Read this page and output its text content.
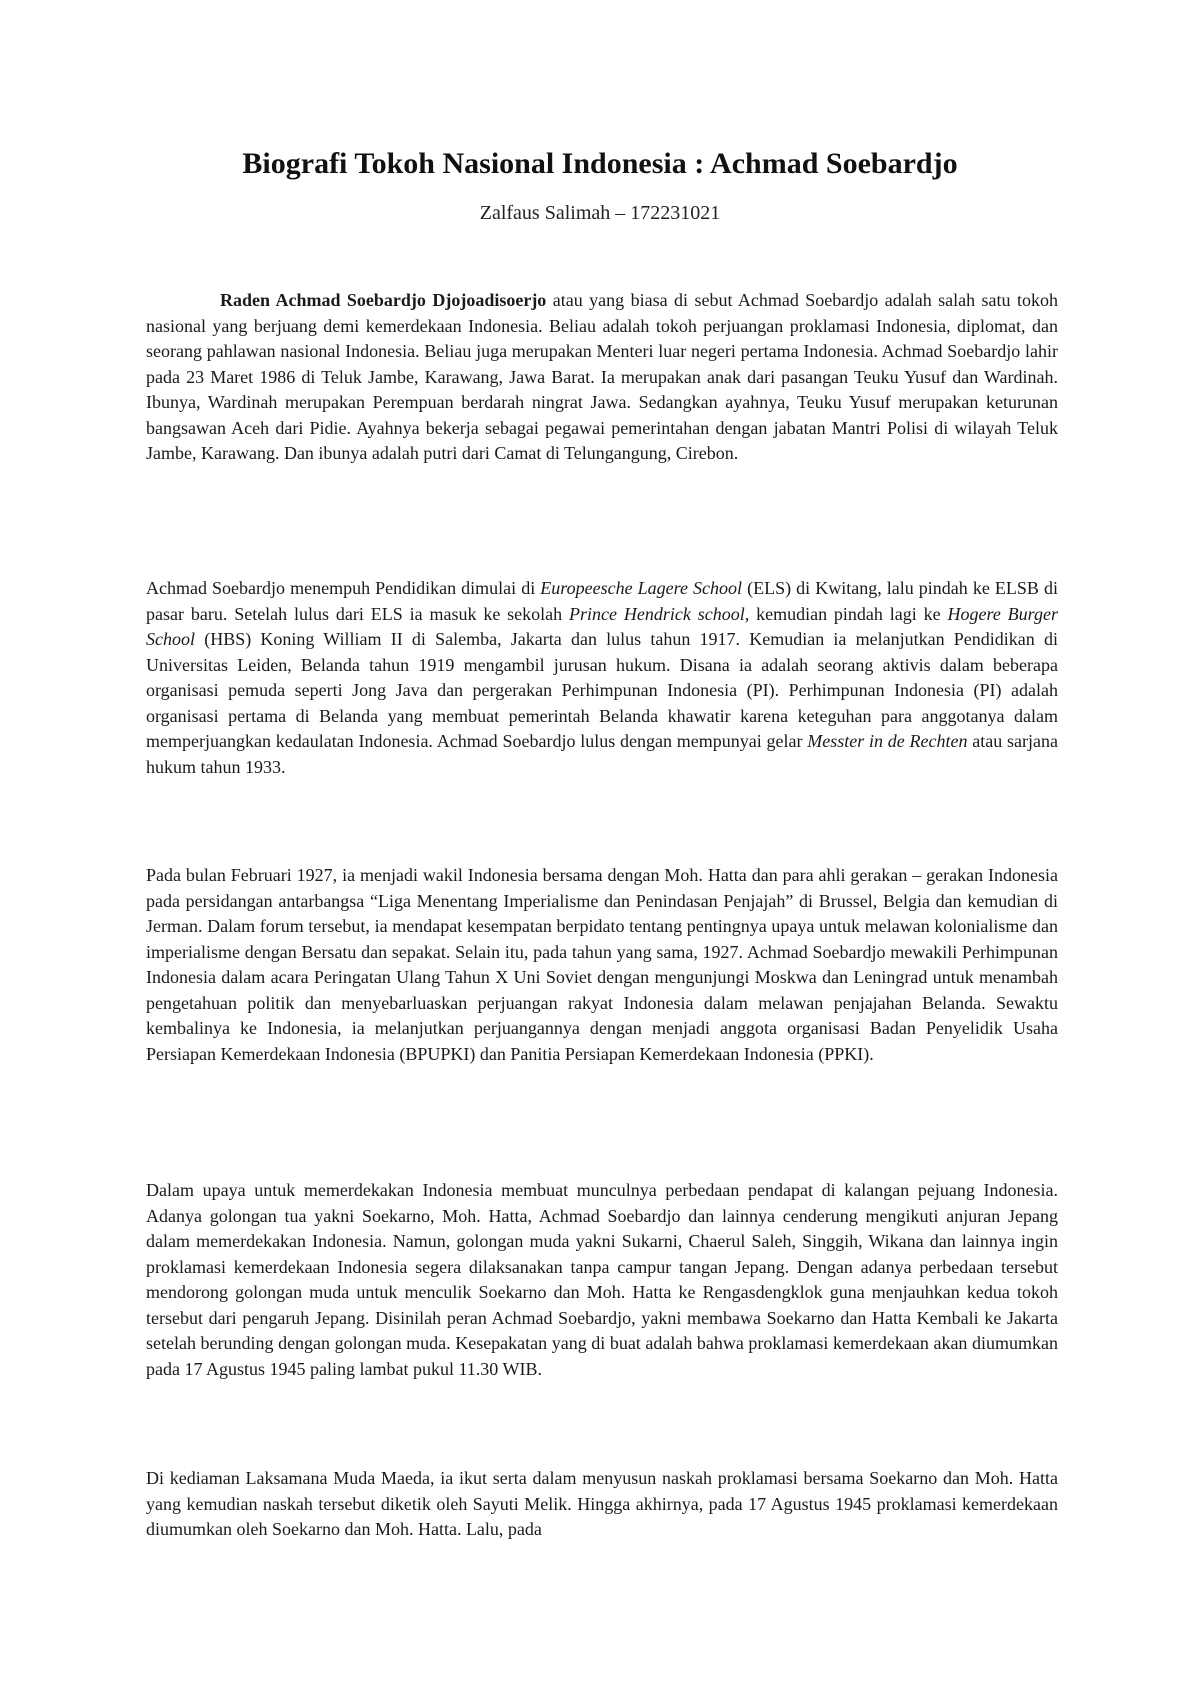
Biografi Tokoh Nasional Indonesia : Achmad Soebardjo

Zalfaus Salimah – 172231021

Raden Achmad Soebardjo Djojoadisoerjo atau yang biasa di sebut Achmad Soebardjo adalah salah satu tokoh nasional yang berjuang demi kemerdekaan Indonesia. Beliau adalah tokoh perjuangan proklamasi Indonesia, diplomat, dan seorang pahlawan nasional Indonesia. Beliau juga merupakan Menteri luar negeri pertama Indonesia. Achmad Soebardjo lahir pada 23 Maret 1986 di Teluk Jambe, Karawang, Jawa Barat. Ia merupakan anak dari pasangan Teuku Yusuf dan Wardinah. Ibunya, Wardinah merupakan Perempuan berdarah ningrat Jawa. Sedangkan ayahnya, Teuku Yusuf merupakan keturunan bangsawan Aceh dari Pidie. Ayahnya bekerja sebagai pegawai pemerintahan dengan jabatan Mantri Polisi di wilayah Teluk Jambe, Karawang. Dan ibunya adalah putri dari Camat di Telungangung, Cirebon.

Achmad Soebardjo menempuh Pendidikan dimulai di Europeesche Lagere School (ELS) di Kwitang, lalu pindah ke ELSB di pasar baru. Setelah lulus dari ELS ia masuk ke sekolah Prince Hendrick school, kemudian pindah lagi ke Hogere Burger School (HBS) Koning William II di Salemba, Jakarta dan lulus tahun 1917. Kemudian ia melanjutkan Pendidikan di Universitas Leiden, Belanda tahun 1919 mengambil jurusan hukum. Disana ia adalah seorang aktivis dalam beberapa organisasi pemuda seperti Jong Java dan pergerakan Perhimpunan Indonesia (PI). Perhimpunan Indonesia (PI) adalah organisasi pertama di Belanda yang membuat pemerintah Belanda khawatir karena keteguhan para anggotanya dalam memperjuangkan kedaulatan Indonesia. Achmad Soebardjo lulus dengan mempunyai gelar Messter in de Rechten atau sarjana hukum tahun 1933.

Pada bulan Februari 1927, ia menjadi wakil Indonesia bersama dengan Moh. Hatta dan para ahli gerakan – gerakan Indonesia pada persidangan antarbangsa “Liga Menentang Imperialisme dan Penindasan Penjajah” di Brussel, Belgia dan kemudian di Jerman. Dalam forum tersebut, ia mendapat kesempatan berpidato tentang pentingnya upaya untuk melawan kolonialisme dan imperialisme dengan Bersatu dan sepakat. Selain itu, pada tahun yang sama, 1927. Achmad Soebardjo mewakili Perhimpunan Indonesia dalam acara Peringatan Ulang Tahun X Uni Soviet dengan mengunjungi Moskwa dan Leningrad untuk menambah pengetahuan politik dan menyebarluaskan perjuangan rakyat Indonesia dalam melawan penjajahan Belanda. Sewaktu kembalinya ke Indonesia, ia melanjutkan perjuangannya dengan menjadi anggota organisasi Badan Penyelidik Usaha Persiapan Kemerdekaan Indonesia (BPUPKI) dan Panitia Persiapan Kemerdekaan Indonesia (PPKI).

Dalam upaya untuk memerdekakan Indonesia membuat munculnya perbedaan pendapat di kalangan pejuang Indonesia. Adanya golongan tua yakni Soekarno, Moh. Hatta, Achmad Soebardjo dan lainnya cenderung mengikuti anjuran Jepang dalam memerdekakan Indonesia. Namun, golongan muda yakni Sukarni, Chaerul Saleh, Singgih, Wikana dan lainnya ingin proklamasi kemerdekaan Indonesia segera dilaksanakan tanpa campur tangan Jepang. Dengan adanya perbedaan tersebut mendorong golongan muda untuk menculik Soekarno dan Moh. Hatta ke Rengasdengklok guna menjauhkan kedua tokoh tersebut dari pengaruh Jepang. Disinilah peran Achmad Soebardjo, yakni membawa Soekarno dan Hatta Kembali ke Jakarta setelah berunding dengan golongan muda. Kesepakatan yang di buat adalah bahwa proklamasi kemerdekaan akan diumumkan pada 17 Agustus 1945 paling lambat pukul 11.30 WIB.

Di kediaman Laksamana Muda Maeda, ia ikut serta dalam menyusun naskah proklamasi bersama Soekarno dan Moh. Hatta yang kemudian naskah tersebut diketik oleh Sayuti Melik. Hingga akhirnya, pada 17 Agustus 1945 proklamasi kemerdekaan diumumkan oleh Soekarno dan Moh. Hatta. Lalu, pada
